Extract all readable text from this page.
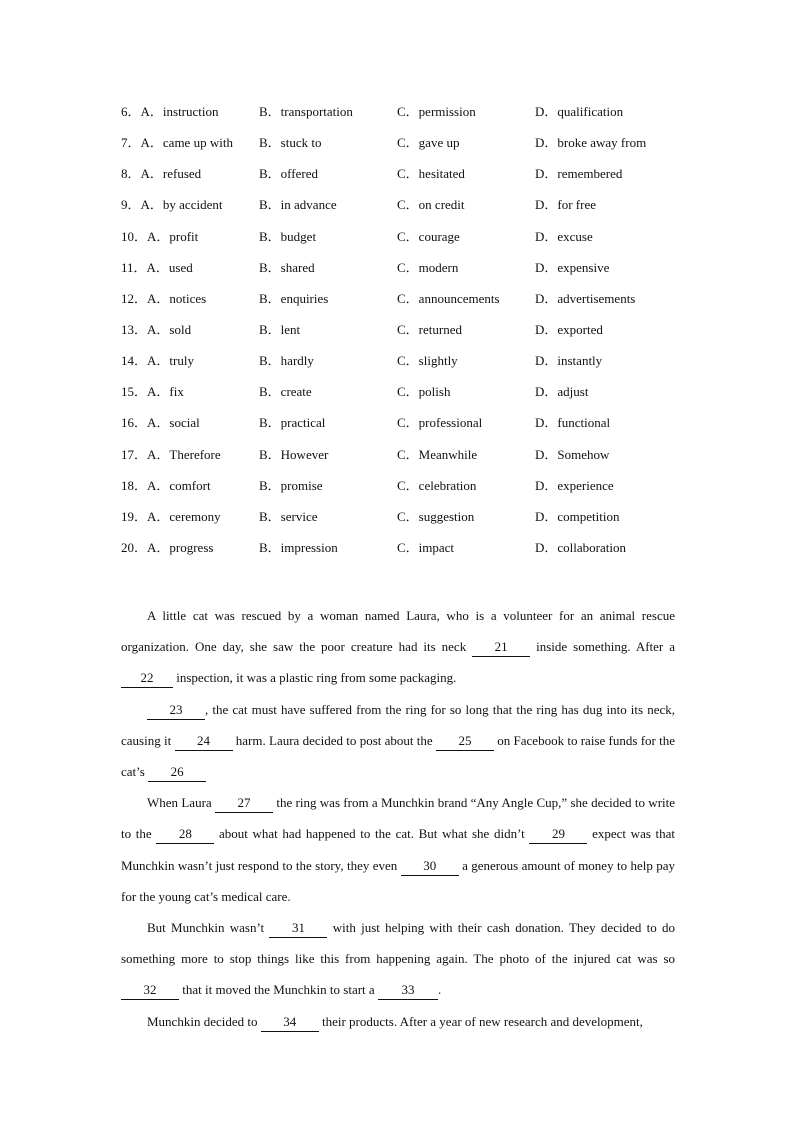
6．A．instruction	B．transportation	C．permission	D．qualification
7．A．came up with B．stuck to	C．gave up	D．broke away from
8．A．refused	B．offered	C．hesitated	D．remembered
9．A．by accident	B．in advance	C．on credit	D．for free
10．A．profit	B．budget	C．courage	D．excuse
11．A．used	B．shared	C．modern	D．expensive
12．A．notices	B．enquiries	C．announcements	D．advertisements
13．A．sold	B．lent	C．returned	D．exported
14．A．truly	B．hardly	C．slightly	D．instantly
15．A．fix	B．create	C．polish	D．adjust
16．A．social	B．practical	C．professional	D．functional
17．A．Therefore	B．However	C．Meanwhile	D．Somehow
18．A．comfort	B．promise	C．celebration	D．experience
19．A．ceremony	B．service	C．suggestion	D．competition
20．A．progress	B．impression	C．impact	D．collaboration

A little cat was rescued by a woman named Laura, who is a volunteer for an animal rescue organization. One day, she saw the poor creature had its neck 21 inside something. After a 22 inspection, it was a plastic ring from some packaging.

23 , the cat must have suffered from the ring for so long that the ring has dug into its neck, causing it 24 harm. Laura decided to post about the 25 on Facebook to raise funds for the cat’s 26

When Laura 27 the ring was from a Munchkin brand “Any Angle Cup,” she decided to write to the 28 about what had happened to the cat. But what she didn’t 29 expect was that Munchkin wasn’t just respond to the story, they even 30 a generous amount of money to help pay for the young cat’s medical care.

But Munchkin wasn’t 31 with just helping with their cash donation. They decided to do something more to stop things like this from happening again. The photo of the injured cat was so 32 that it moved the Munchkin to start a 33 .

Munchkin decided to 34 their products. After a year of new research and development,
